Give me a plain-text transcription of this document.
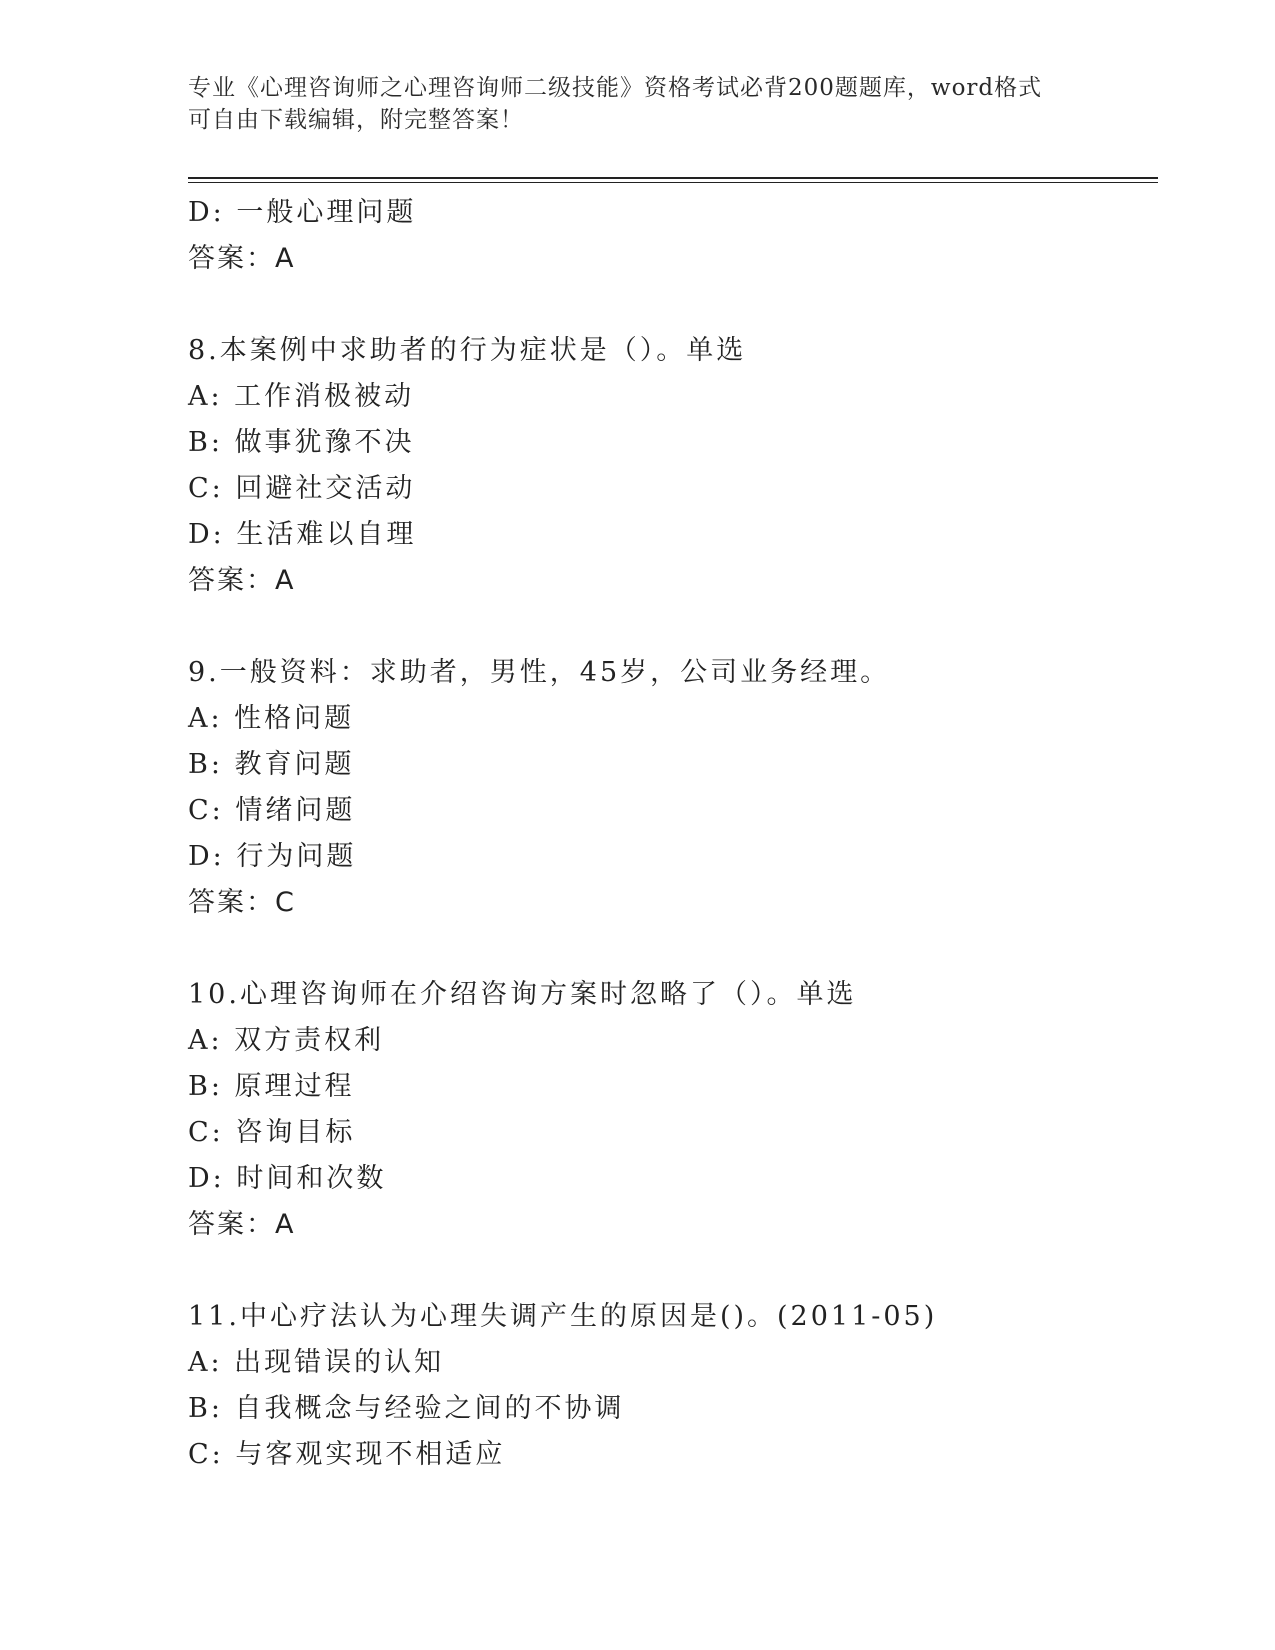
专业《心理咨询师之心理咨询师二级技能》资格考试必背200题题库，word格式
可自由下载编辑，附完整答案！
D: 一般心理问题
答案：A
8.本案例中求助者的行为症状是（）。单选
A: 工作消极被动
B: 做事犹豫不决
C: 回避社交活动
D: 生活难以自理
答案：A
9.一般资料：求助者，男性，45岁，公司业务经理。
A: 性格问题
B: 教育问题
C: 情绪问题
D: 行为问题
答案：C
10.心理咨询师在介绍咨询方案时忽略了（）。单选
A: 双方责权利
B: 原理过程
C: 咨询目标
D: 时间和次数
答案：A
11.中心疗法认为心理失调产生的原因是()。(2011-05)
A: 出现错误的认知
B: 自我概念与经验之间的不协调
C: 与客观实现不相适应
